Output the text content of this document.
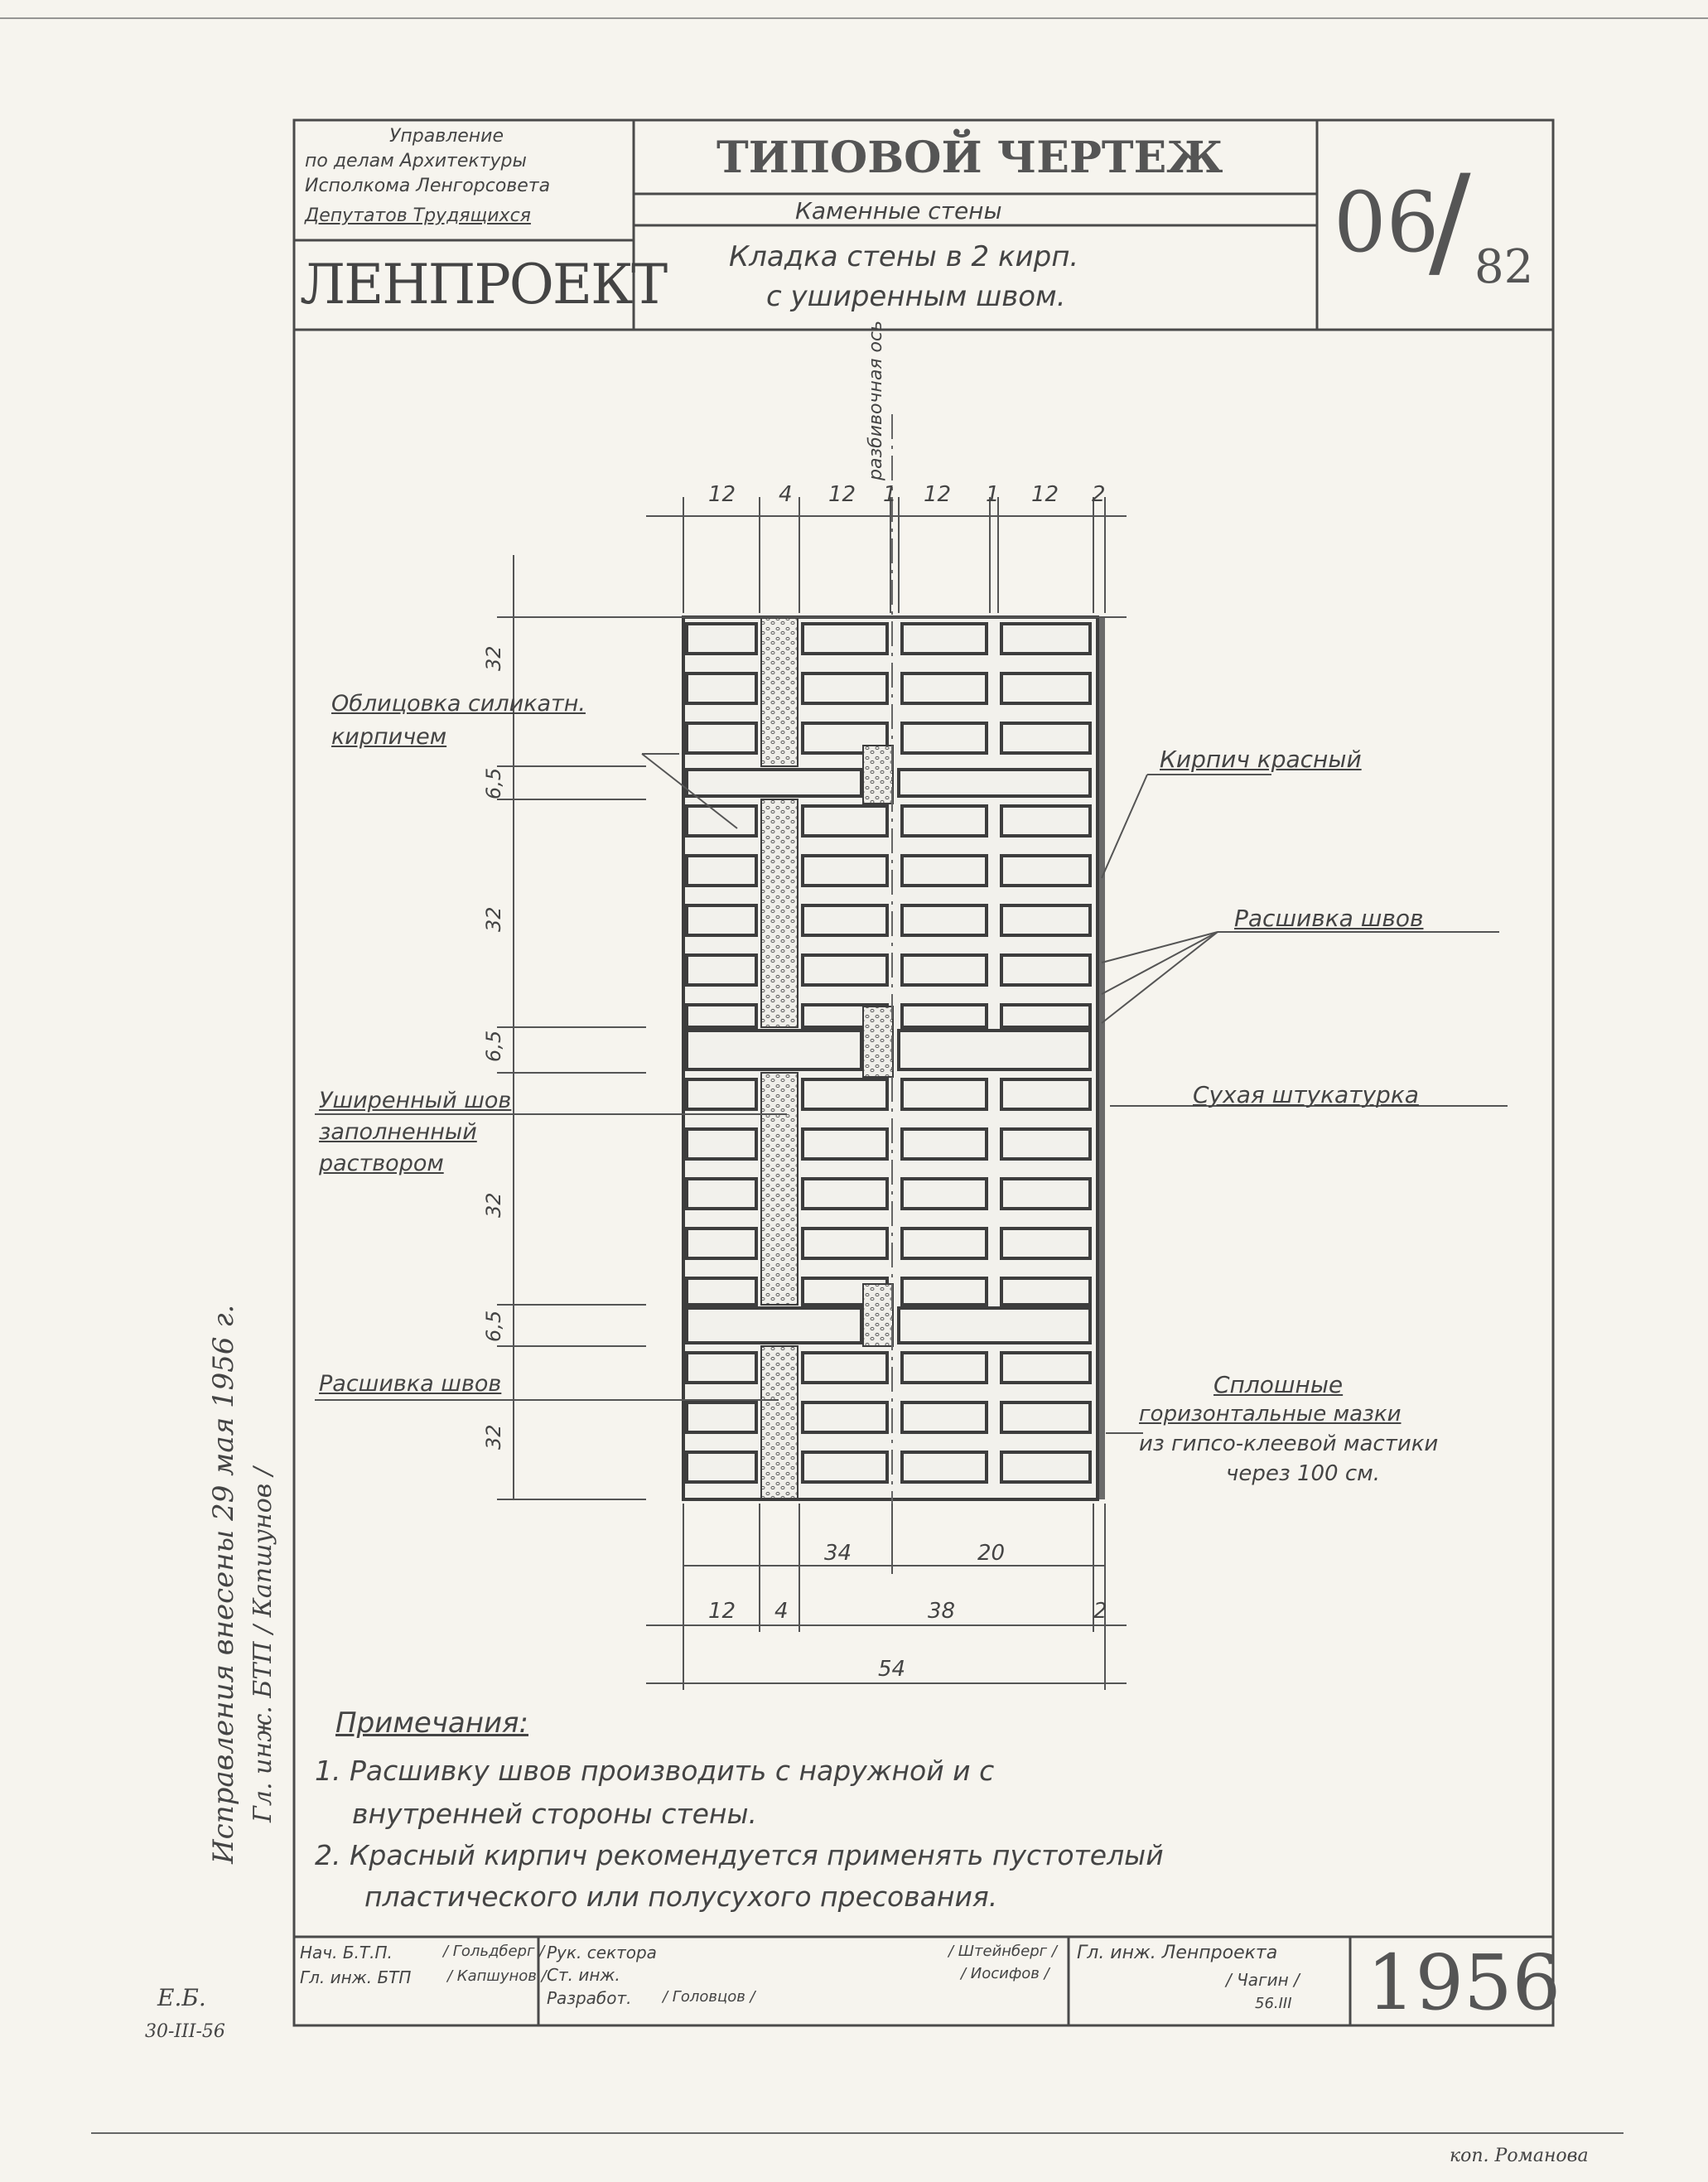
Управление
по делам Архитектуры
Исполкома Ленгорсовета
Депутатов Трудящихся
ЛЕНПРОЕКТ
ТИПОВОЙ ЧЕРТЕЖ
Каменные стены
Кладка стены в 2 кирп.
с уширенным швом.
06
/ 82
12 4 12 1 12 1 12 2
разбивочная ось
32
6,5
32
6,5
32
6,5
32
34	20
12 4	38	2
54
Облицовка силикатн. кирпичем
Кирпич красный
Расшивка швов
Сухая штукатурка
Уширенный шов заполненный раствором
Расшивка швов	Сплошные
горизонтальные мазки
из гипсо-клеевой мастики
через 100 см.
Примечания:
1. Расшивку швов производить с наружной и с
внутренней стороны стены.
2. Красный кирпич рекомендуется применять пустотелый
пластического или полусухого пресования.
Исправления внесены 29 мая 1956 г. Гл. инж. БТП / Капшунов /
Е.Б.
30-III-56
Нач. Б.Т.П.	/ Гольдберг /
Гл. инж. БТП / Капшунов /
Рук. сектора	/ Штейнберг /
Ст. инж.	/ Иосифов /
Разработ. / Головцов /
Гл. инж. Ленпроекта
/ Чагин /
56.III 1956
коп. Романова
